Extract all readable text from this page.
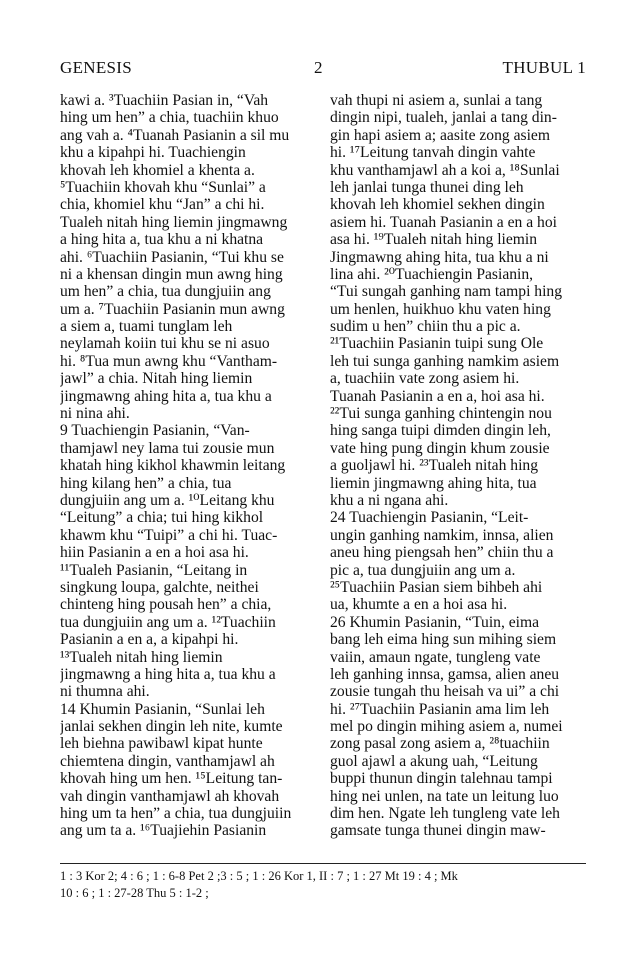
GENESIS	2	THUBUL 1
kawi a. ³Tuachiin Pasian in, “Vah
hing um hen” a chia, tuachiin khuo
ang vah a. ⁴Tuanah Pasianin a sil mu
khu a kipahpi hi. Tuachiengin
khovah leh khomiel a khenta a.
⁵Tuachiin khovah khu “Sunlai” a
chia, khomiel khu “Jan” a chi hi.
Tualeh nitah hing liemin jingmawng
a hing hita a, tua khu a ni khatna
ahi. ⁶Tuachiin Pasianin, “Tui khu se
ni a khensan dingin mun awng hing
um hen” a chia, tua dungjuiin ang
um a. ⁷Tuachiin Pasianin mun awng
a siem a, tuami tunglam leh
neylamah koiin tui khu se ni asuo
hi. ⁸Tua mun awng khu “Vantham-
jawl” a chia. Nitah hing liemin
jingmawng ahing hita a, tua khu a
ni nina ahi.
9 Tuachiengin Pasianin, “Van-
thamjawl ney lama tui zousie mun
khatah hing kikhol khawmin leitang
hing kilang hen” a chia, tua
dungjuiin ang um a. ¹⁰Leitang khu
“Leitung” a chia; tui hing kikhol
khawm khu “Tuipi” a chi hi. Tuac-
hiin Pasianin a en a hoi asa hi.
¹¹Tualeh Pasianin, “Leitang in
singkung loupa, galchte, neithei
chinteng hing pousah hen” a chia,
tua dungjuiin ang um a. ¹²Tuachiin
Pasianin a en a, a kipahpi hi.
¹³Tualeh nitah hing liemin
jingmawng a hing hita a, tua khu a
ni thumna ahi.
14 Khumin Pasianin, “Sunlai leh
janlai sekhen dingin leh nite, kumte
leh biehna pawibawl kipat hunte
chiemtena dingin, vanthamjawl ah
khovah hing um hen. ¹⁵Leitung tan-
vah dingin vanthamjawl ah khovah
hing um ta hen” a chia, tua dungjuiin
ang um ta a. ¹⁶Tuajiehin Pasianin
vah thupi ni asiem a, sunlai a tang
dingin nipi, tualeh, janlai a tang din-
gin hapi asiem a; aasite zong asiem
hi. ¹⁷Leitung tanvah dingin vahte
khu vanthamjawl ah a koi a, ¹⁸Sunlai
leh janlai tunga thunei ding leh
khovah leh khomiel sekhen dingin
asiem hi. Tuanah Pasianin a en a hoi
asa hi. ¹⁹Tualeh nitah hing liemin
Jingmawng ahing hita, tua khu a ni
lina ahi. ²⁰Tuachiengin Pasianin,
“Tui sungah ganhing nam tampi hing
um henlen, huikhuo khu vaten hing
sudim u hen” chiin thu a pic a.
²¹Tuachiin Pasianin tuipi sung Ole
leh tui sunga ganhing namkim asiem
a, tuachiin vate zong asiem hi.
Tuanah Pasianin a en a, hoi asa hi.
²²Tui sunga ganhing chintengin nou
hing sanga tuipi dimden dingin leh,
vate hing pung dingin khum zousie
a guoljawl hi. ²³Tualeh nitah hing
liemin jingmawng ahing hita, tua
khu a ni ngana ahi.
24 Tuachiengin Pasianin, “Leit-
ungin ganhing namkim, innsa, alien
aneu hing piengsah hen” chiin thu a
pic a, tua dungjuiin ang um a.
²⁵Tuachiin Pasian siem bihbeh ahi
ua, khumte a en a hoi asa hi.
26 Khumin Pasianin, “Tuin, eima
bang leh eima hing sun mihing siem
vaiin, amaun ngate, tungleng vate
leh ganhing innsa, gamsa, alien aneu
zousie tungah thu heisah va ui” a chi
hi. ²⁷Tuachiin Pasianin ama lim leh
mel po dingin mihing asiem a, numei
zong pasal zong asiem a, ²⁸tuachiin
guol ajawl a akung uah, “Leitung
buppi thunun dingin talehnau tampi
hing nei unlen, na tate un leitung luo
dim hen. Ngate leh tungleng vate leh
gamsate tunga thunei dingin maw-
1 : 3 Kor 2; 4 : 6 ; 1 : 6-8 Pet 2 ;3 : 5 ; 1 : 26 Kor 1, II : 7 ; 1 : 27 Mt 19 : 4 ; Mk
10 : 6 ; 1 : 27-28 Thu 5 : 1-2 ;
